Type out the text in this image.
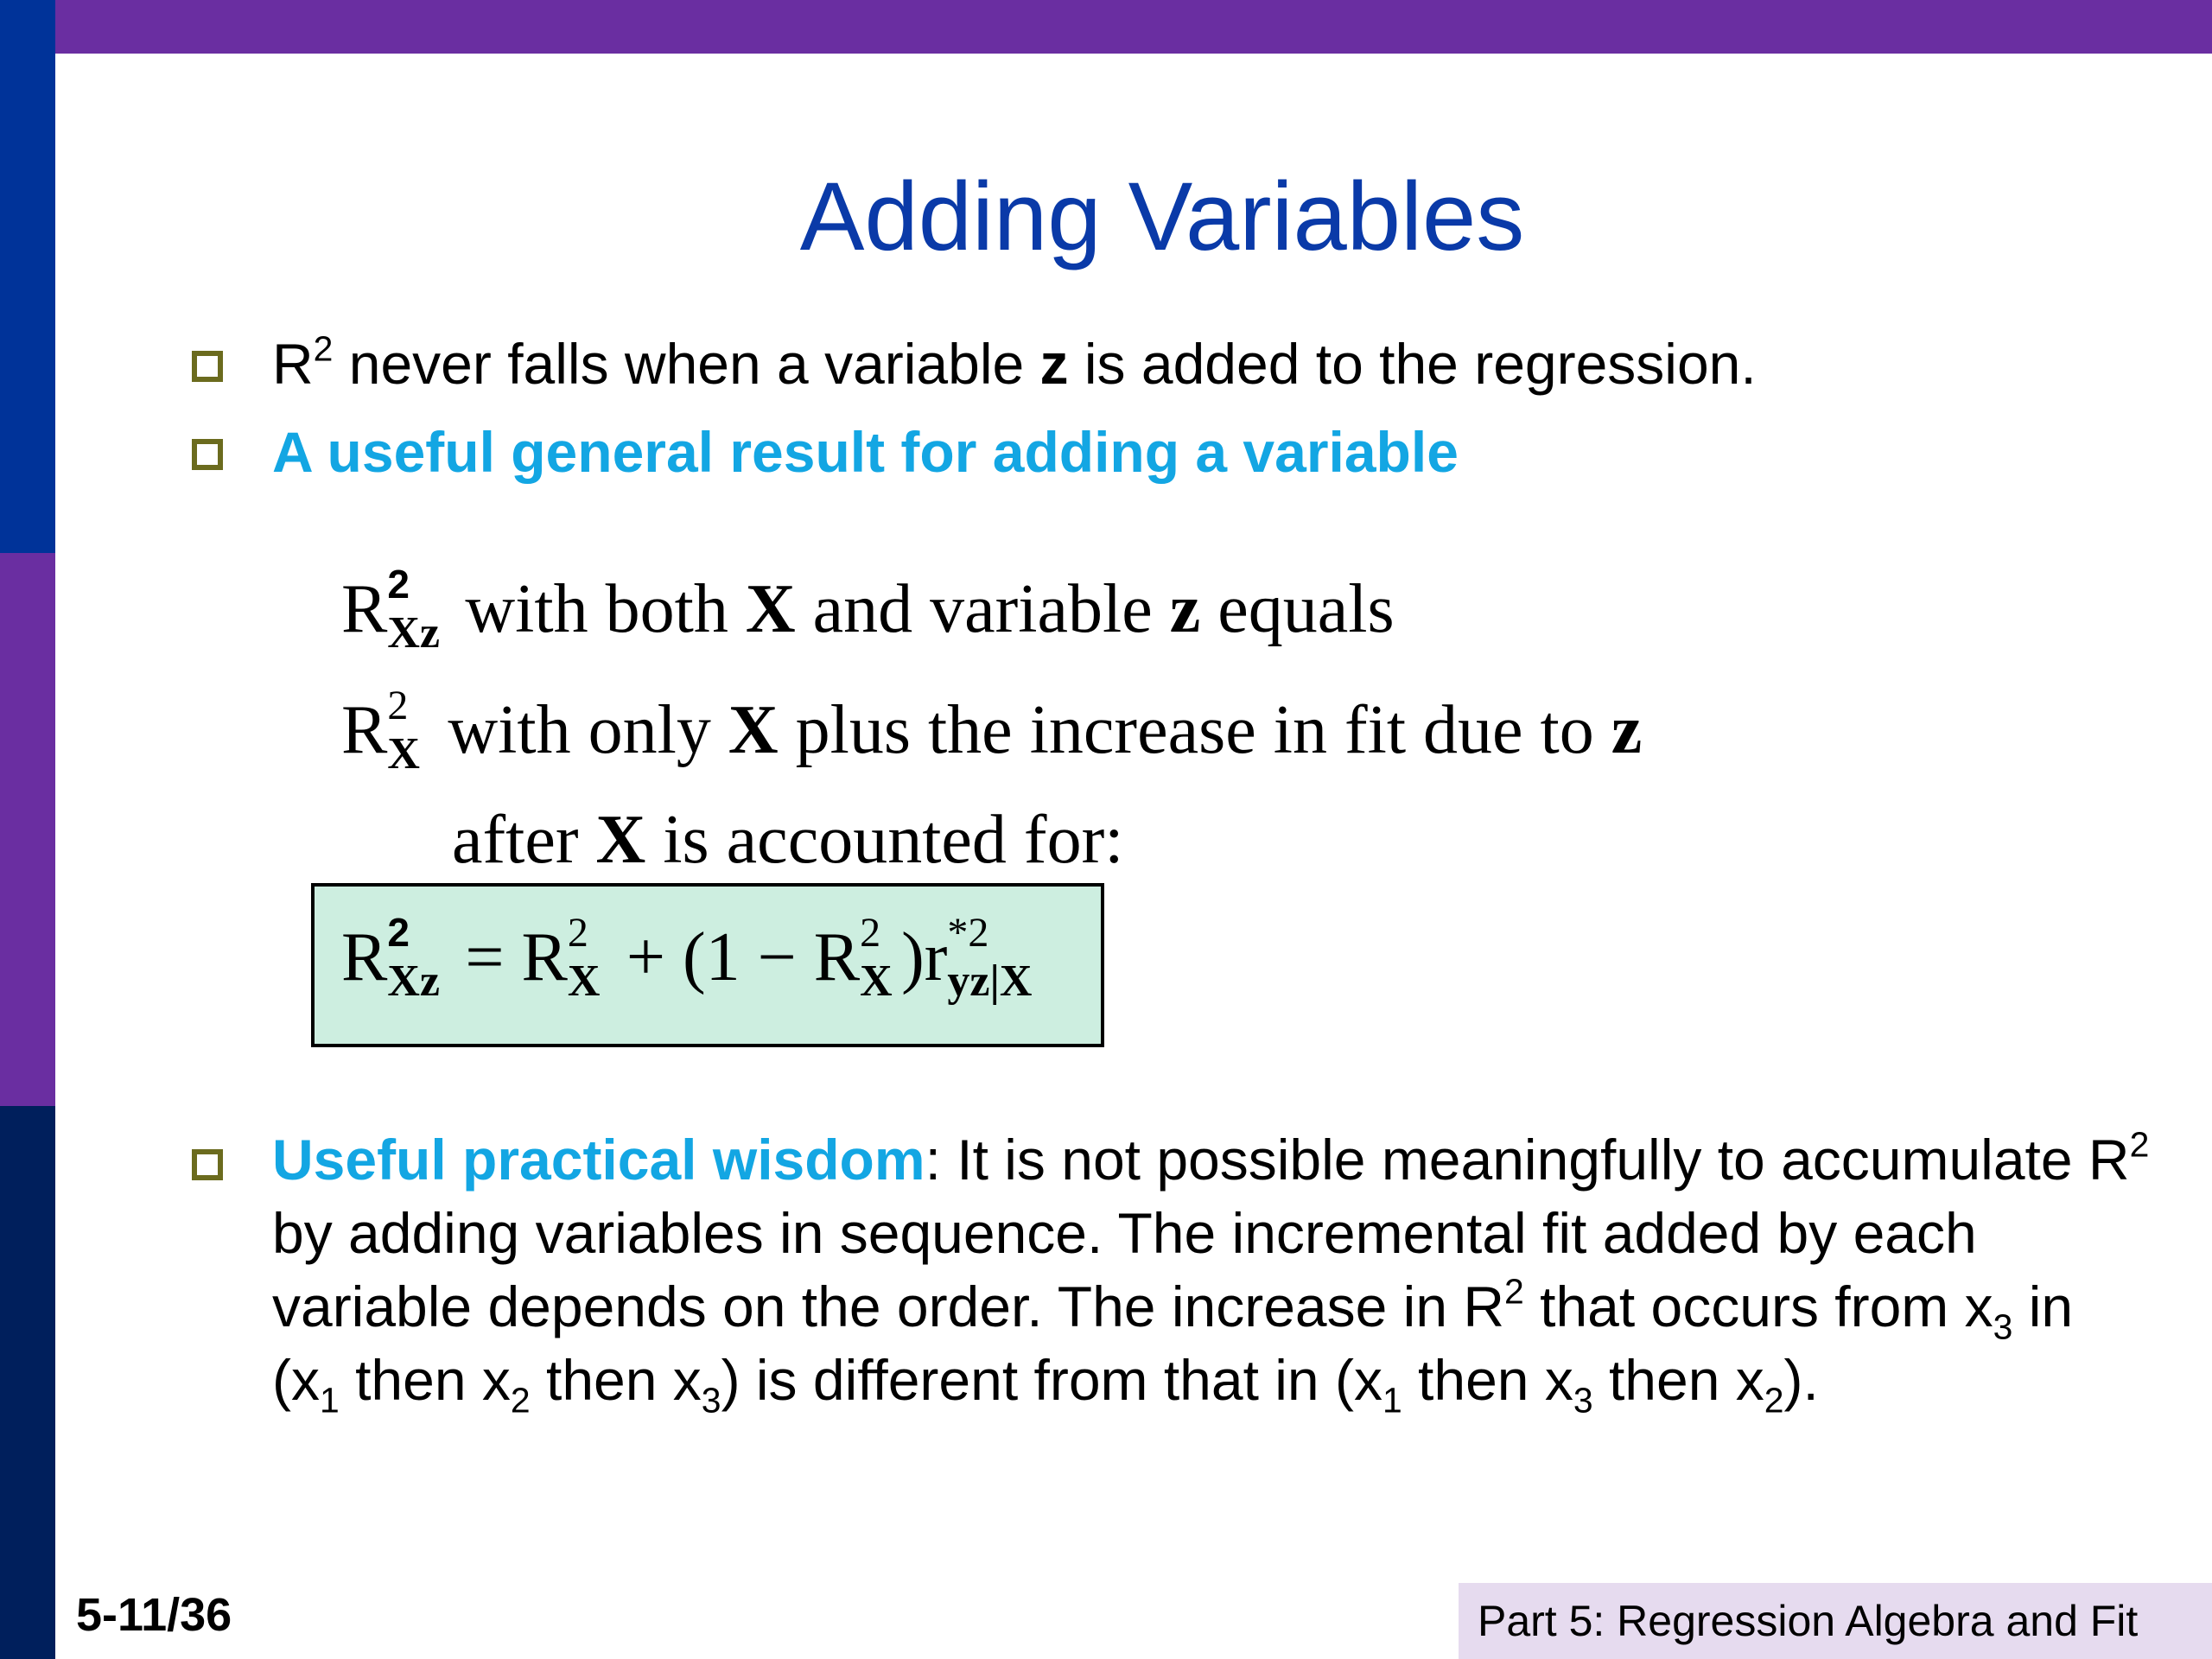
Adding Variables
$R^2$ never falls when a variable z is added to the regression.
A useful general result for adding a variable
R 2
Xz with both X and variable z equals
R 2
X with only X plus the increase in fit due to z
after X is accounted for:
R 2
Xz = R 2
X + (1 − R 2
X )r *2
yz|X
Useful practical wisdom: It is not possible meaningfully to accumulate $R^2$ by adding variables in sequence. The incremental fit added by each variable depends on the order. The increase in $R^2$ that occurs from $x_3$ in ($x_1$ then $x_2$ then $x_3$) is different from that in ($x_1$ then $x_3$ then $x_2$).
5-11/36	Part 5: Regression Algebra and Fit
